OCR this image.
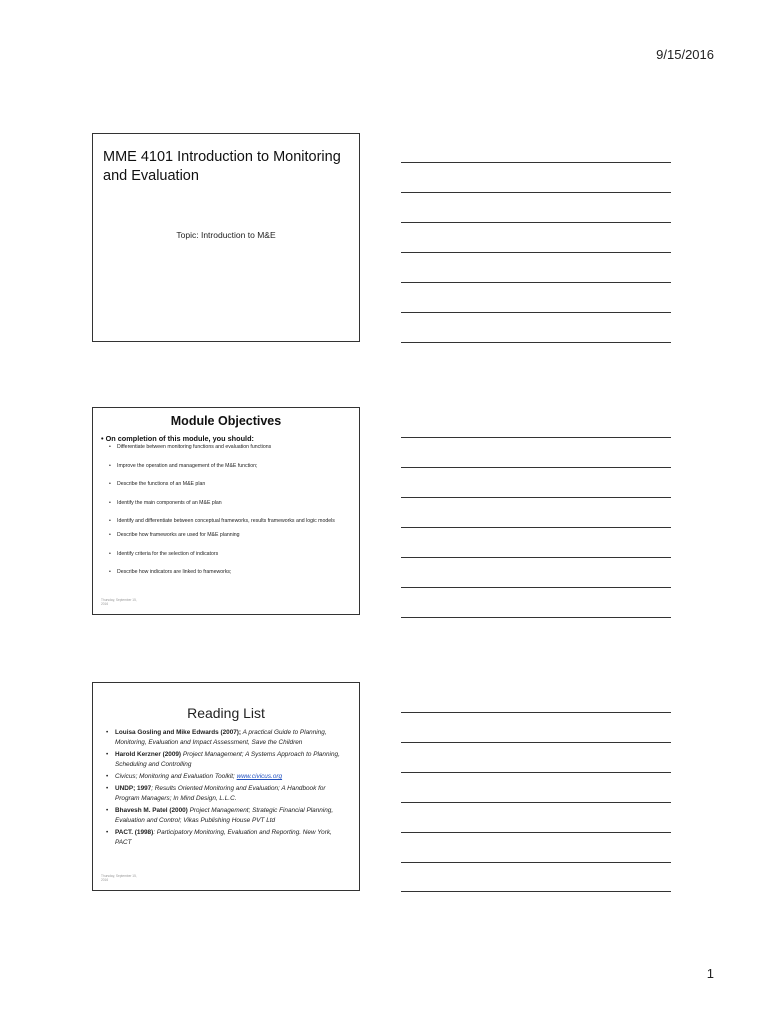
9/15/2016
MME 4101 Introduction to Monitoring and Evaluation
Topic: Introduction to M&E
Module Objectives
• On completion of this module, you should:
• Differentiate between monitoring functions and evaluation functions
• Improve the operation and management of the M&E function;
• Describe the functions of an M&E plan
• Identify the main components of an M&E plan
• Identify and differentiate between conceptual frameworks, results frameworks and logic models
• Describe how frameworks are used for M&E planning
• Identify criteria for the selection of indicators
• Describe how indicators are linked to frameworks;
Thursday, September 15,
2016
Reading List
• Louisa Gosling and Mike Edwards (2007); A practical Guide to Planning, Monitoring, Evaluation and Impact Assessment, Save the Children
• Harold Kerzner (2009) Project Management; A Systems Approach to Planning, Scheduling and Controlling
• Civicus; Monitoring and Evaluation Toolkit; www.civicus.org
• UNDP; 1997; Results Oriented Monitoring and Evaluation; A Handbook for Program Managers; In Mind Design, L.L.C.
• Bhavesh M. Patel (2000) Project Management; Strategic Financial Planning, Evaluation and Control; Vikas Publishing House PVT Ltd
• PACT. (1998): Participatory Monitoring, Evaluation and Reporting. New York, PACT
Thursday, September 15,
2016
1
